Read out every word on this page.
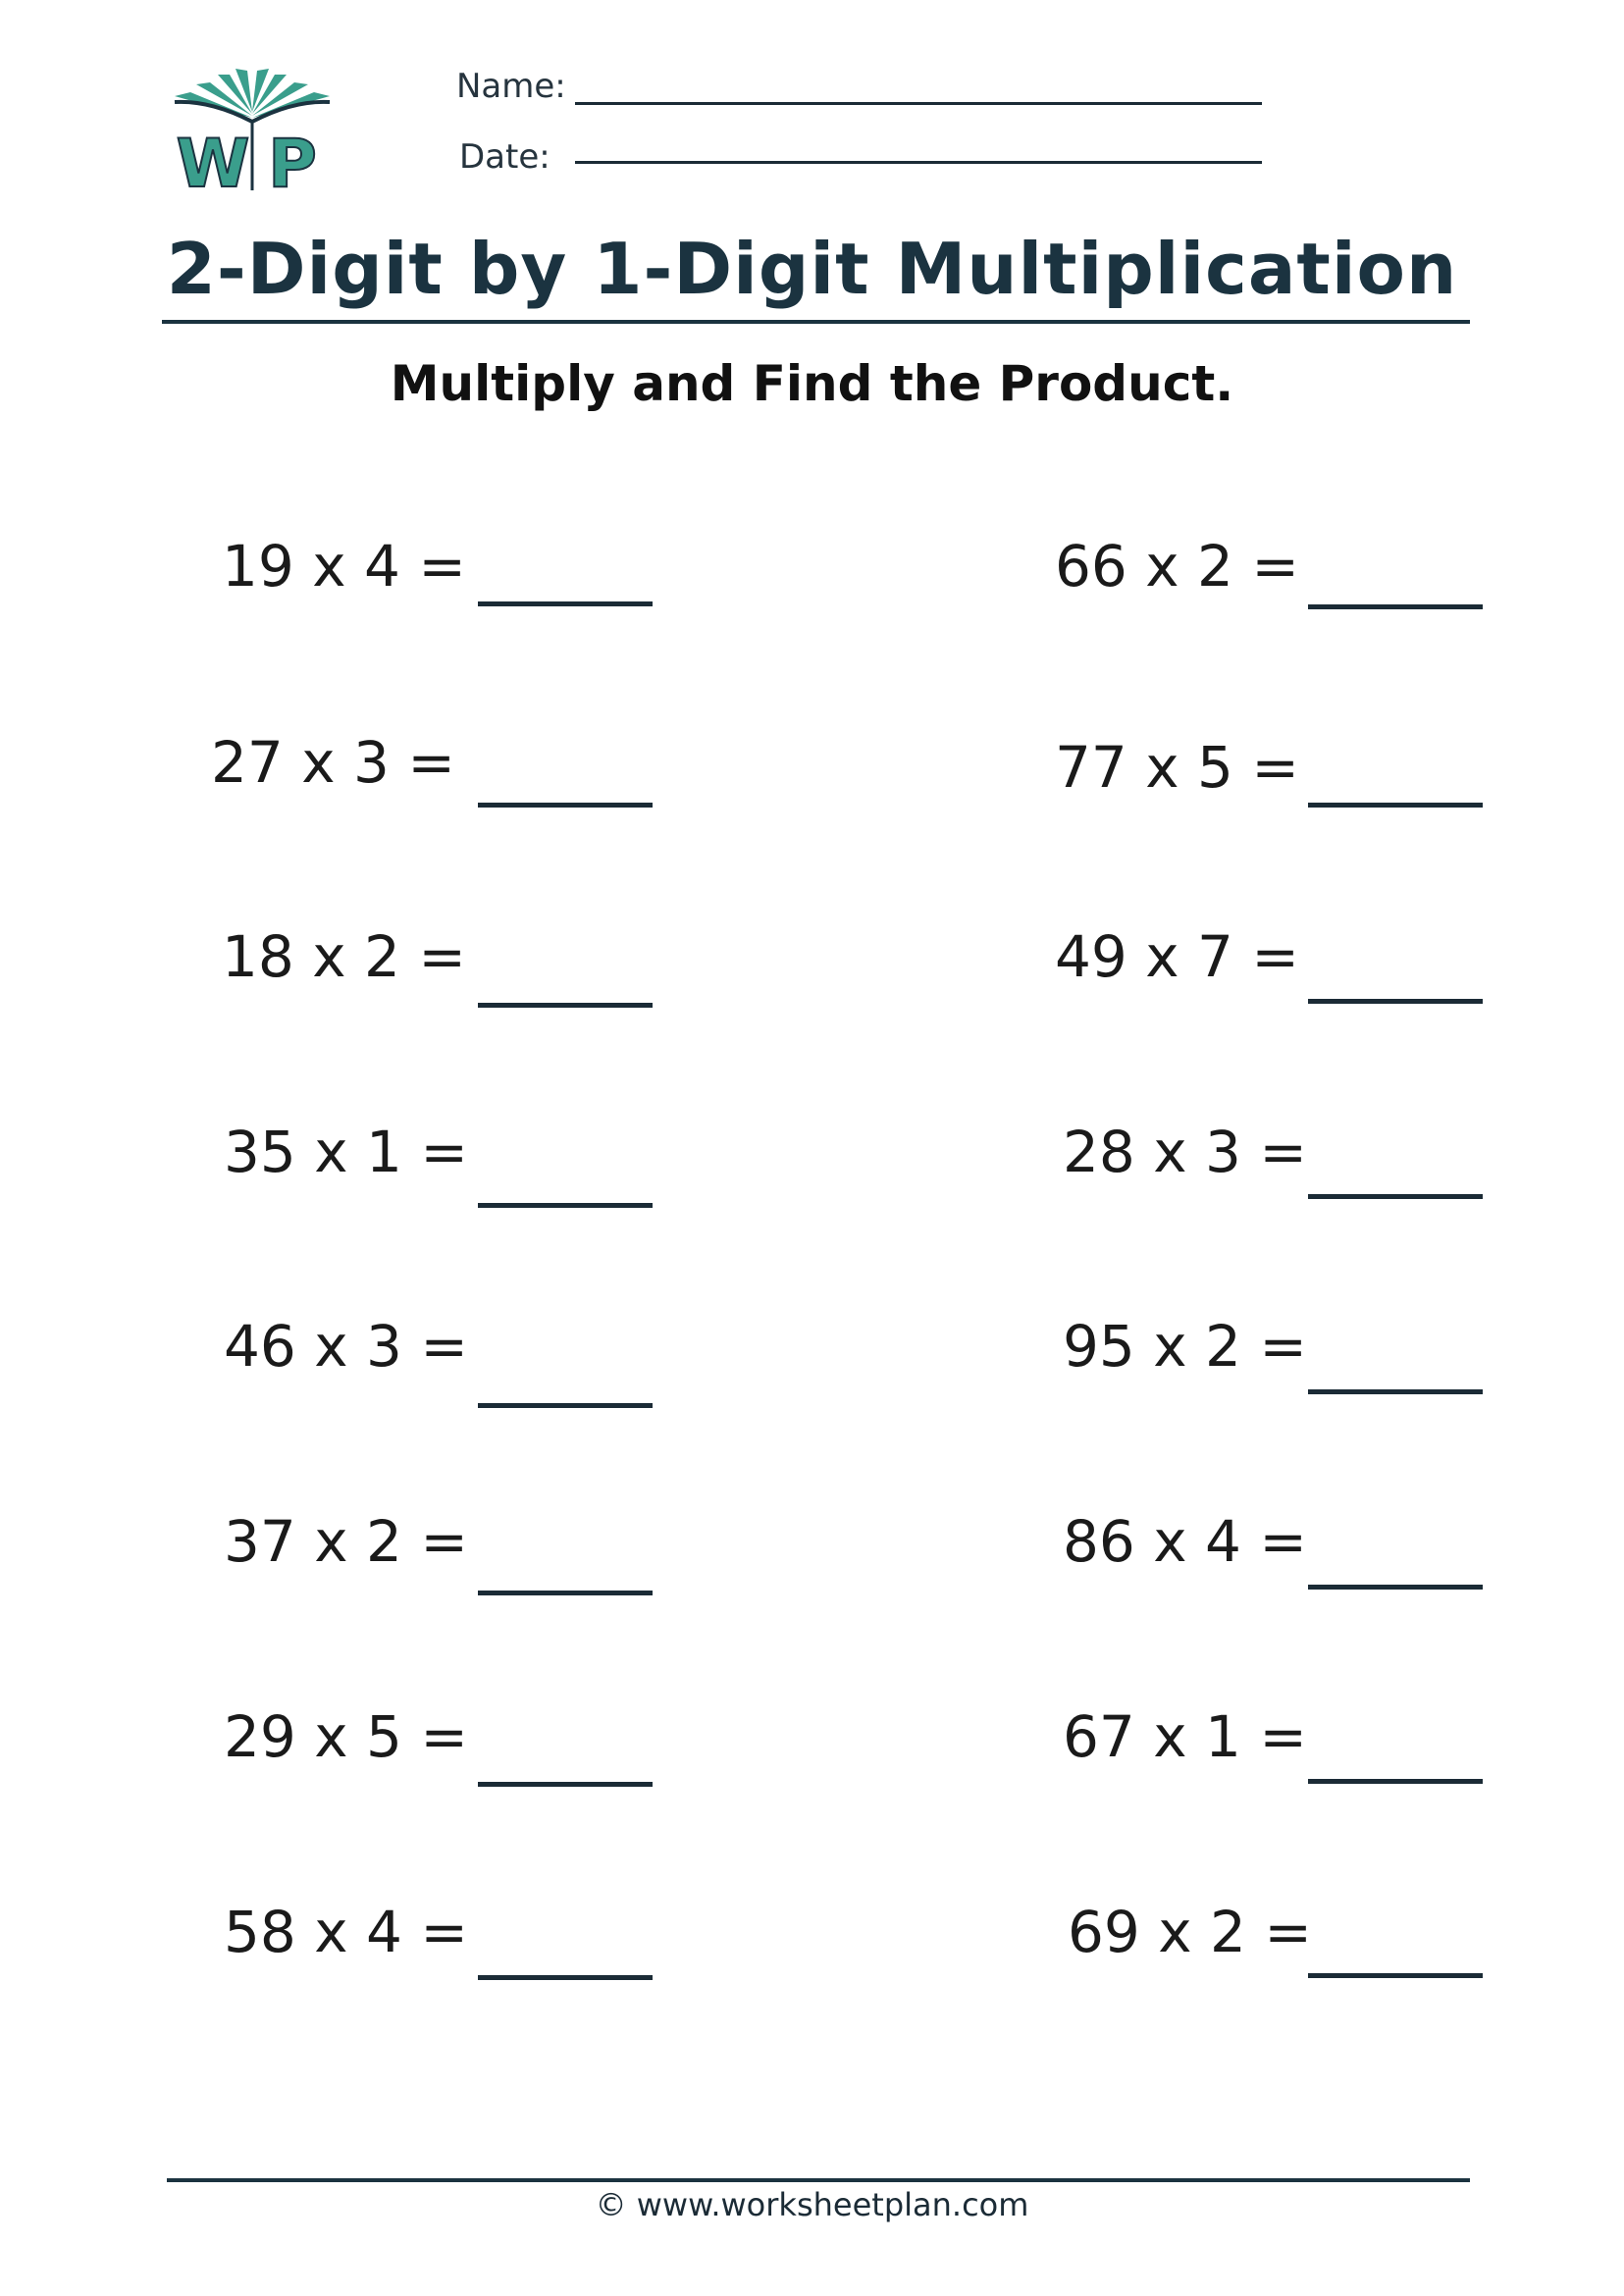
W P
Name:
Date:
2-Digit by 1-Digit Multiplication
Multiply and Find the Product.
19 x 4 =
27 x 3 =
18 x 2 =
35 x 1 =
46 x 3 =
37 x 2 =
29 x 5 =
58 x 4 =
66 x 2 =
77 x 5 =
49 x 7 =
28 x 3 =
95 x 2 =
86 x 4 =
67 x 1 =
69 x 2 =
© www.worksheetplan.com
